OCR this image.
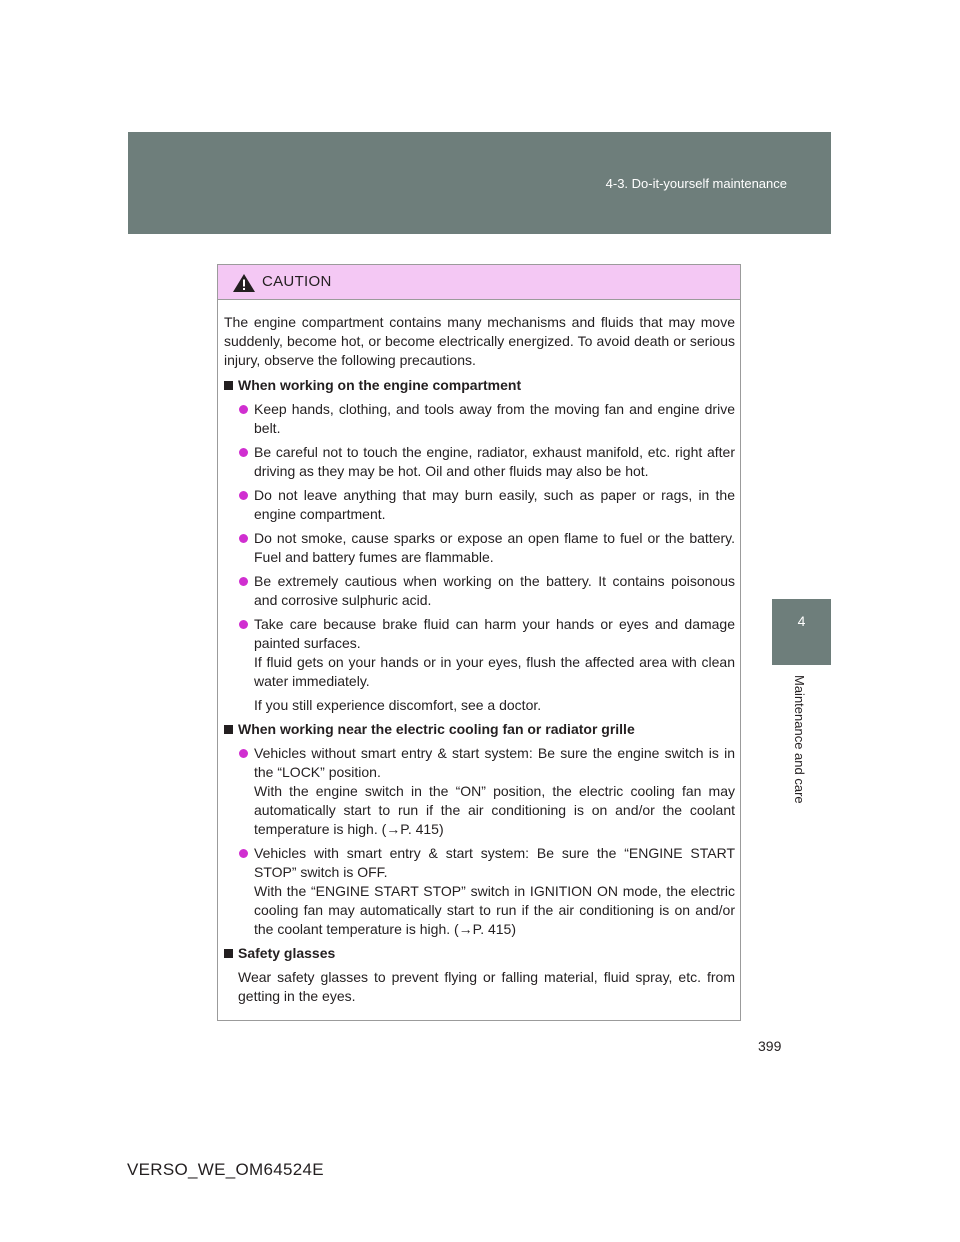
4-3. Do-it-yourself maintenance
4
Maintenance and care
CAUTION

The engine compartment contains many mechanisms and fluids that may move suddenly, become hot, or become electrically energized. To avoid death or serious injury, observe the following precautions.

When working on the engine compartment
Keep hands, clothing, and tools away from the moving fan and engine drive belt.
Be careful not to touch the engine, radiator, exhaust manifold, etc. right after driving as they may be hot. Oil and other fluids may also be hot.
Do not leave anything that may burn easily, such as paper or rags, in the engine compartment.
Do not smoke, cause sparks or expose an open flame to fuel or the battery. Fuel and battery fumes are flammable.
Be extremely cautious when working on the battery. It contains poisonous and corrosive sulphuric acid.
Take care because brake fluid can harm your hands or eyes and damage painted surfaces.
If fluid gets on your hands or in your eyes, flush the affected area with clean water immediately.
If you still experience discomfort, see a doctor.
When working near the electric cooling fan or radiator grille
Vehicles without smart entry & start system: Be sure the engine switch is in the “LOCK” position.
With the engine switch in the “ON” position, the electric cooling fan may automatically start to run if the air conditioning is on and/or the coolant temperature is high. (→P. 415)
Vehicles with smart entry & start system: Be sure the “ENGINE START STOP” switch is OFF.
With the “ENGINE START STOP” switch in IGNITION ON mode, the electric cooling fan may automatically start to run if the air conditioning is on and/or the coolant temperature is high. (→P. 415)
Safety glasses

Wear safety glasses to prevent flying or falling material, fluid spray, etc. from getting in the eyes.

399
VERSO_WE_OM64524E
